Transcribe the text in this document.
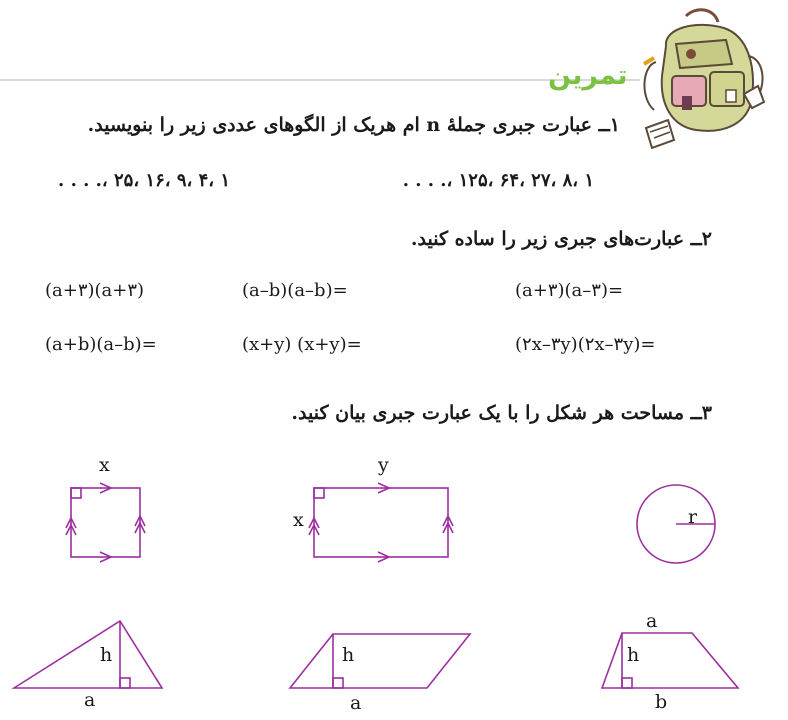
تمرین
۱ــ عبارت جبری جملهٔ n ام هریک از الگوهای عددی زیر را بنویسید.
۱ ،۴ ،۹ ،۱۶ ،۲۵ ،. . . .	۱ ،۸ ،۲۷ ،۶۴ ،۱۲۵ ،. . . .
۲ــ عبارت‌های جبری زیر را ساده کنید.
(a+۳)(a+۳)	(a–b)(a–b)=	(a+۳)(a–۳)=
(a+b)(a–b)=	(x+y) (x+y)=	(۲x–۳y)(۲x–۳y)=
۳ــ مساحت هر شکل را با یک عبارت جبری بیان کنید.
x	y
x	r
h
a
h
a
h
a
b
